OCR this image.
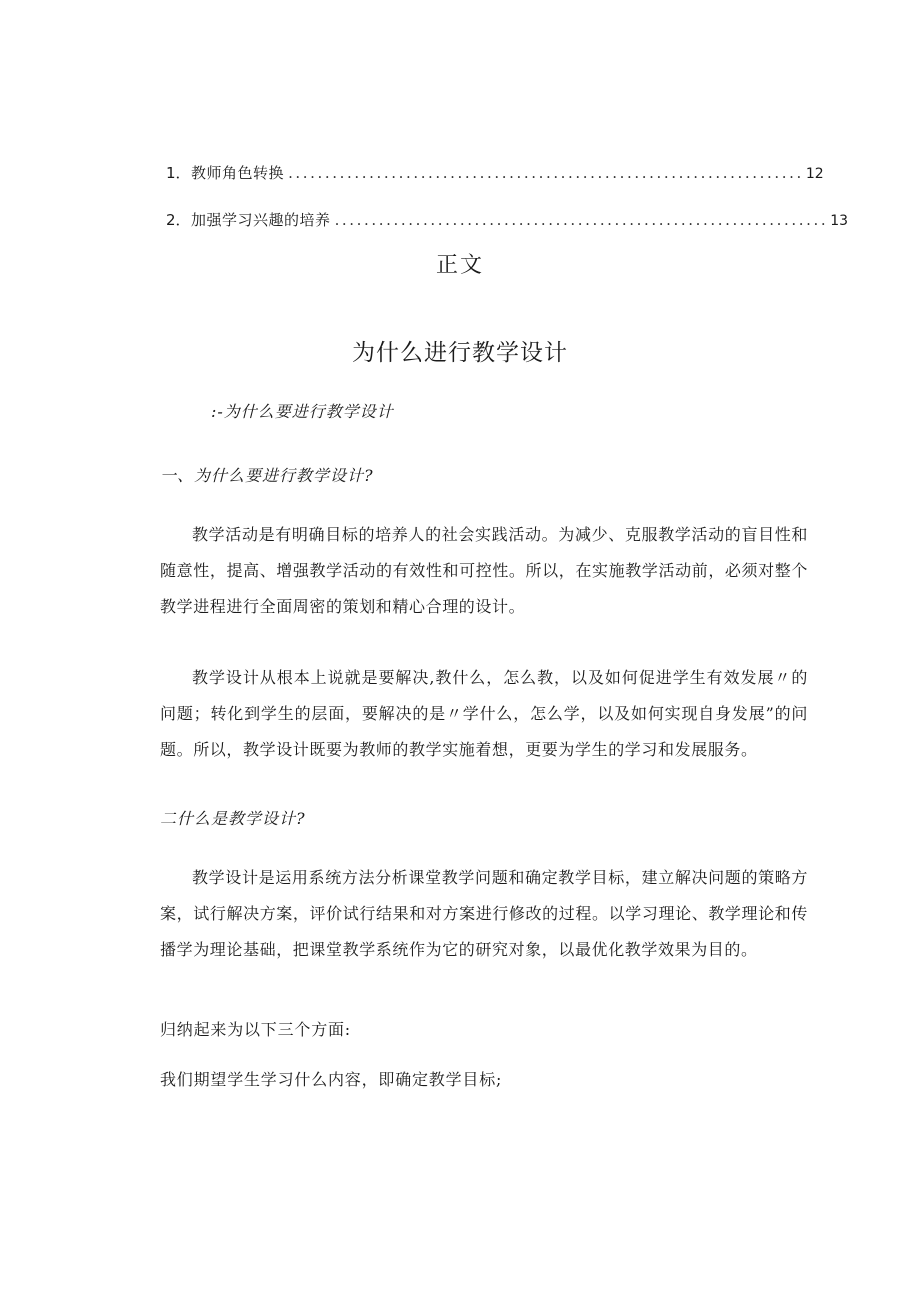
1 ．教师角色转换 ...................................................................... 12
2 ．加强学习兴趣的培养 ................................................................... 13
正文
为什么进行教学设计
:-为什么要进行教学设计
一、为什么要进行教学设计?
教学活动是有明确目标的培养人的社会实践活动。为减少、克服教学活动的盲目性和随意性，提高、增强教学活动的有效性和可控性。所以，在实施教学活动前，必须对整个教学进程进行全面周密的策划和精心合理的设计。
教学设计从根本上说就是要解决,教什么，怎么教，以及如何促进学生有效发展〃的问题；转化到学生的层面，要解决的是〃学什么，怎么学，以及如何实现自身发展”的问题。所以，教学设计既要为教师的教学实施着想，更要为学生的学习和发展服务。
二什么是教学设计?
教学设计是运用系统方法分析课堂教学问题和确定教学目标，建立解决问题的策略方案，试行解决方案，评价试行结果和对方案进行修改的过程。以学习理论、教学理论和传播学为理论基础，把课堂教学系统作为它的研究对象，以最优化教学效果为目的。
归纳起来为以下三个方面:
我们期望学生学习什么内容，即确定教学目标;
